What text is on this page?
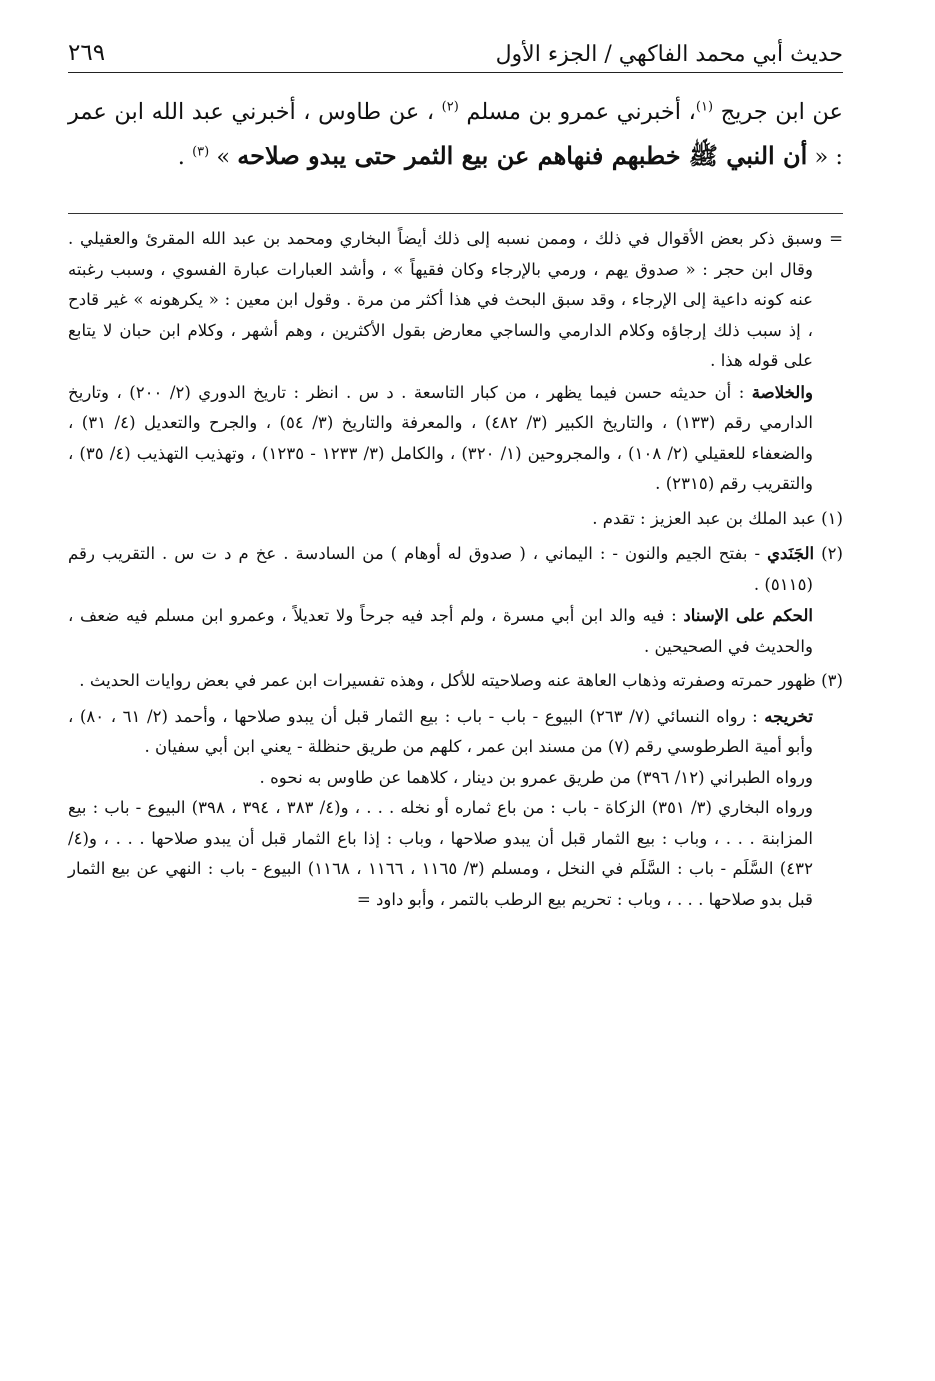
حديث أبي محمد الفاكهي / الجزء الأول
٢٦٩
عن ابن جريج $^{(١)}$، أخبرني عمرو بن مسلم $^{(٢)}$ ، عن طاوس ، أخبرني عبد الله ابن عمر : « أن النبي ﷺ خطبهم فنهاهم عن بيع الثمر حتى يبدو صلاحه » $^{(٣)}$ .

= وسبق ذكر بعض الأقوال في ذلك ، وممن نسبه إلى ذلك أيضاً البخاري ومحمد بن عبد الله المقرئ والعقيلي . وقال ابن حجر : « صدوق يهم ، ورمي بالإرجاء وكان فقيهاً » ، وأشد العبارات عبارة الفسوي ، وسبب رغبته عنه كونه داعية إلى الإرجاء ، وقد سبق البحث في هذا أكثر من مرة . وقول ابن معين : « يكرهونه » غير قادح ، إذ سبب ذلك إرجاؤه وكلام الدارمي والساجي معارض بقول الأكثرين ، وهم أشهر ، وكلام ابن حبان لا يتابع على قوله هذا .

والخلاصة : أن حديثه حسن فيما يظهر ، من كبار التاسعة . د س . انظر : تاريخ الدوري (٢/ ٢٠٠) ، وتاريخ الدارمي رقم (١٣٣) ، والتاريخ الكبير (٣/ ٤٨٢) ، والمعرفة والتاريخ (٣/ ٥٤) ، والجرح والتعديل (٤/ ٣١) ، والضعفاء للعقيلي (٢/ ١٠٨) ، والمجروحين (١/ ٣٢٠) ، والكامل (٣/ ١٢٣٣ - ١٢٣٥) ، وتهذيب التهذيب (٤/ ٣٥) ، والتقريب رقم (٢٣١٥) .

(١) عبد الملك بن عبد العزيز : تقدم .

(٢) الجَنَدي - بفتح الجيم والنون - : اليماني ، ( صدوق له أوهام ) من السادسة . عخ م د ت س . التقريب رقم (٥١١٥) .

الحكم على الإسناد : فيه والد ابن أبي مسرة ، ولم أجد فيه جرحاً ولا تعديلاً ، وعمرو ابن مسلم فيه ضعف ، والحديث في الصحيحين .

(٣) ظهور حمرته وصفرته وذهاب العاهة عنه وصلاحيته للأكل ، وهذه تفسيرات ابن عمر في بعض روايات الحديث .

تخريجه : رواه النسائي (٧/ ٢٦٣) البيوع - باب - باب : بيع الثمار قبل أن يبدو صلاحها ، وأحمد (٢/ ٦١ ، ٨٠) ، وأبو أمية الطرطوسي رقم (٧) من مسند ابن عمر ، كلهم من طريق حنظلة - يعني ابن أبي سفيان .

ورواه الطبراني (١٢/ ٣٩٦) من طريق عمرو بن دينار ، كلاهما عن طاوس به نحوه .

ورواه البخاري (٣/ ٣٥١) الزكاة - باب : من باع ثماره أو نخله . . . ، و(٤/ ٣٨٣ ، ٣٩٤ ، ٣٩٨) البيوع - باب : بيع المزابنة . . . ، وباب : بيع الثمار قبل أن يبدو صلاحها ، وباب : إذا باع الثمار قبل أن يبدو صلاحها . . . ، و(٤/ ٤٣٢) السَّلَم - باب : السَّلَم في النخل ، ومسلم (٣/ ١١٦٥ ، ١١٦٦ ، ١١٦٨) البيوع - باب : النهي عن بيع الثمار قبل بدو صلاحها . . . ، وباب : تحريم بيع الرطب بالتمر ، وأبو داود =
